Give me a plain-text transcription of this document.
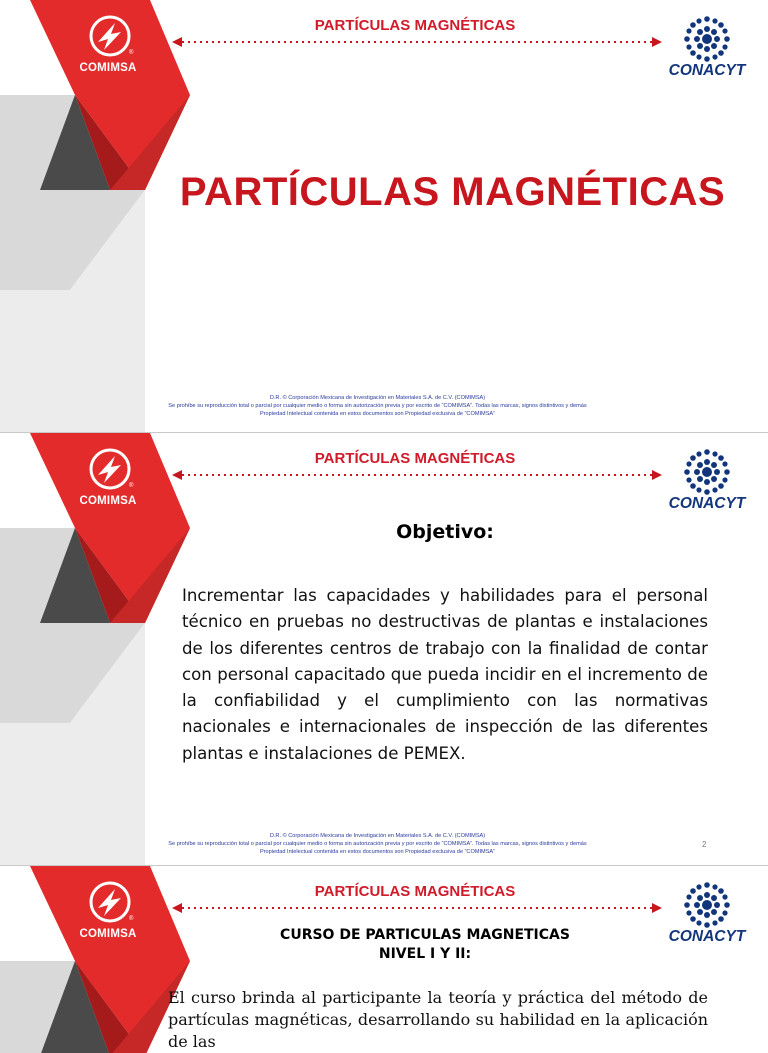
®
COMIMSA
PARTÍCULAS MAGNÉTICAS
CONACYT
PARTÍCULAS MAGNÉTICAS
D.R. © Corporación Mexicana de Investigación en Materiales S.A. de C.V. (COMIMSA)
Se prohíbe su reproducción total o parcial por cualquier medio o forma sin autorización previa y por escrito de “COMIMSA”. Todas las marcas, signos distintivos y demás
Propiedad Intelectual contenida en estos documentos son Propiedad exclusiva de “COMIMSA”
®
COMIMSA
PARTÍCULAS MAGNÉTICAS
CONACYT
Objetivo:
Incrementar las capacidades y habilidades para el personal técnico en pruebas no destructivas de plantas e instalaciones de los diferentes centros de trabajo con la finalidad de contar con personal capacitado que pueda incidir en el incremento de la confiabilidad y el cumplimiento con las normativas nacionales e internacionales de inspección de las diferentes plantas e instalaciones de PEMEX.
D.R. © Corporación Mexicana de Investigación en Materiales S.A. de C.V. (COMIMSA)
Se prohíbe su reproducción total o parcial por cualquier medio o forma sin autorización previa y por escrito de “COMIMSA”. Todas las marcas, signos distintivos y demás
Propiedad Intelectual contenida en estos documentos son Propiedad exclusiva de “COMIMSA”
2
®
COMIMSA
PARTÍCULAS MAGNÉTICAS
CONACYT
CURSO DE PARTICULAS MAGNETICAS
NIVEL I Y II:
El curso brinda al participante la teoría y práctica del método de partículas magnéticas, desarrollando su habilidad en la aplicación de las
